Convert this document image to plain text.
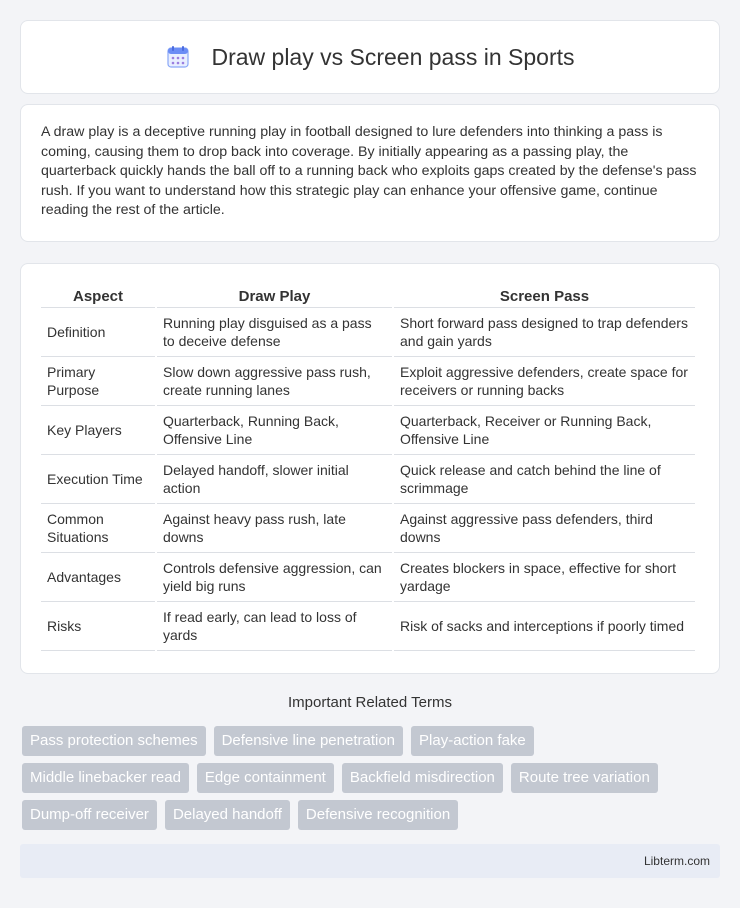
Draw play vs Screen pass in Sports

A draw play is a deceptive running play in football designed to lure defenders into thinking a pass is coming, causing them to drop back into coverage. By initially appearing as a passing play, the quarterback quickly hands the ball off to a running back who exploits gaps created by the defense's pass rush. If you want to understand how this strategic play can enhance your offensive game, continue reading the rest of the article.

Aspect	Draw Play	Screen Pass
Definition	Running play disguised as a pass to deceive defense	Short forward pass designed to trap defenders and gain yards
Primary Purpose	Slow down aggressive pass rush, create running lanes	Exploit aggressive defenders, create space for receivers or running backs
Key Players	Quarterback, Running Back, Offensive Line	Quarterback, Receiver or Running Back, Offensive Line
Execution Time	Delayed handoff, slower initial action	Quick release and catch behind the line of scrimmage
Common Situations	Against heavy pass rush, late downs	Against aggressive pass defenders, third downs
Advantages	Controls defensive aggression, can yield big runs	Creates blockers in space, effective for short yardage
Risks	If read early, can lead to loss of yards	Risk of sacks and interceptions if poorly timed
Important Related Terms
Pass protection schemes	Defensive line penetration	Play-action fake
Middle linebacker read	Edge containment	Backfield misdirection	Route tree variation
Dump-off receiver	Delayed handoff	Defensive recognition
Libterm.com
